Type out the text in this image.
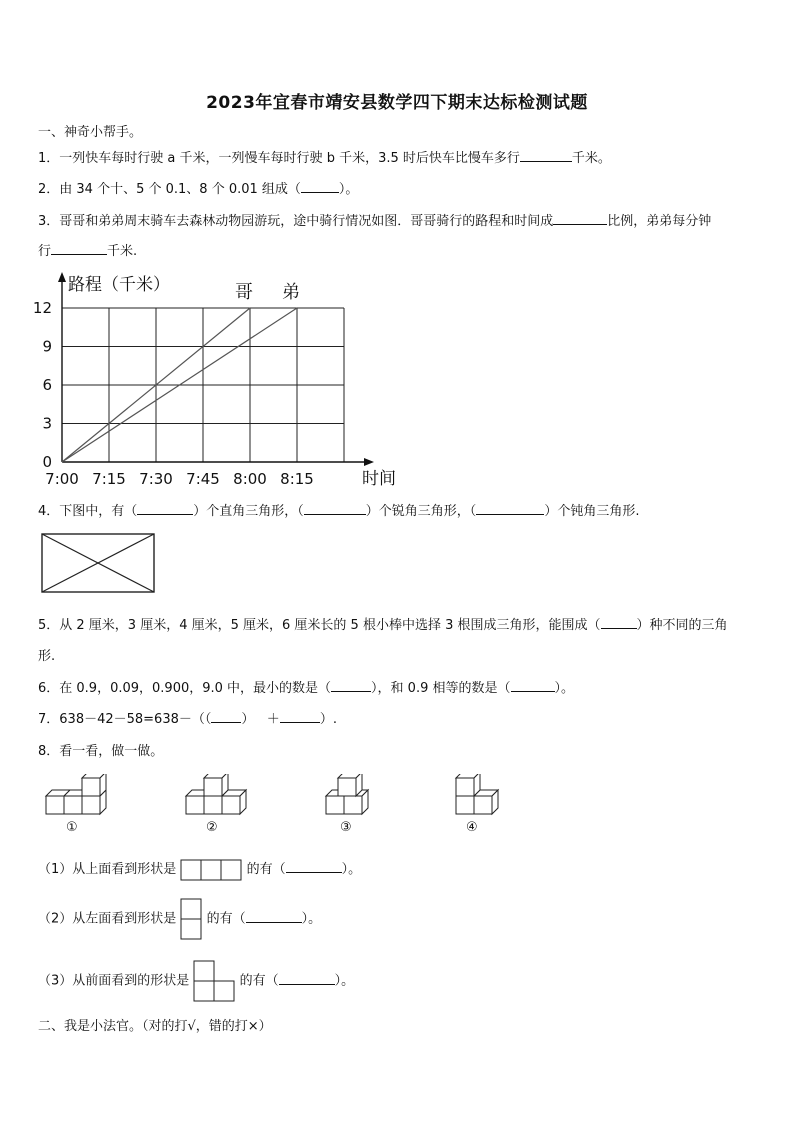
2023年宜春市靖安县数学四下期末达标检测试题
一、神奇小帮手。
1．一列快车每时行驶 a 千米，一列慢车每时行驶 b 千米，3.5 时后快车比慢车多行	千米。
2．由 34 个十、5 个 0.1、8 个 0.01 组成（	）。
3．哥哥和弟弟周末骑车去森林动物园游玩，途中骑行情况如图．哥哥骑行的路程和时间成	比例，弟弟每分钟
行	千米.
0
3
6
9
12
7:00 7:15 7:30 7:45 8:00 8:15
路程（千米）
时间
哥 弟
4．下图中，有（	）个直角三角形，（	）个锐角三角形，（	）个钝角三角形.
5．从 2 厘米，3 厘米，4 厘米，5 厘米，6 厘米长的 5 根小棒中选择 3 根围成三角形，能围成（	）种不同的三角
形.
6．在 0.9，0.09，0.900，9.0 中，最小的数是（	），和 0.9 相等的数是（	）。
7．638－42－58=638－（（ ） ＋	）.
8．看一看，做一做。
①	②	③	④
（1）从上面看到形状是	的有（	）。
（2）从左面看到形状是 的有（	）。
（3）从前面看到的形状是	的有（	）。
二、我是小法官。（对的打√，错的打×）
